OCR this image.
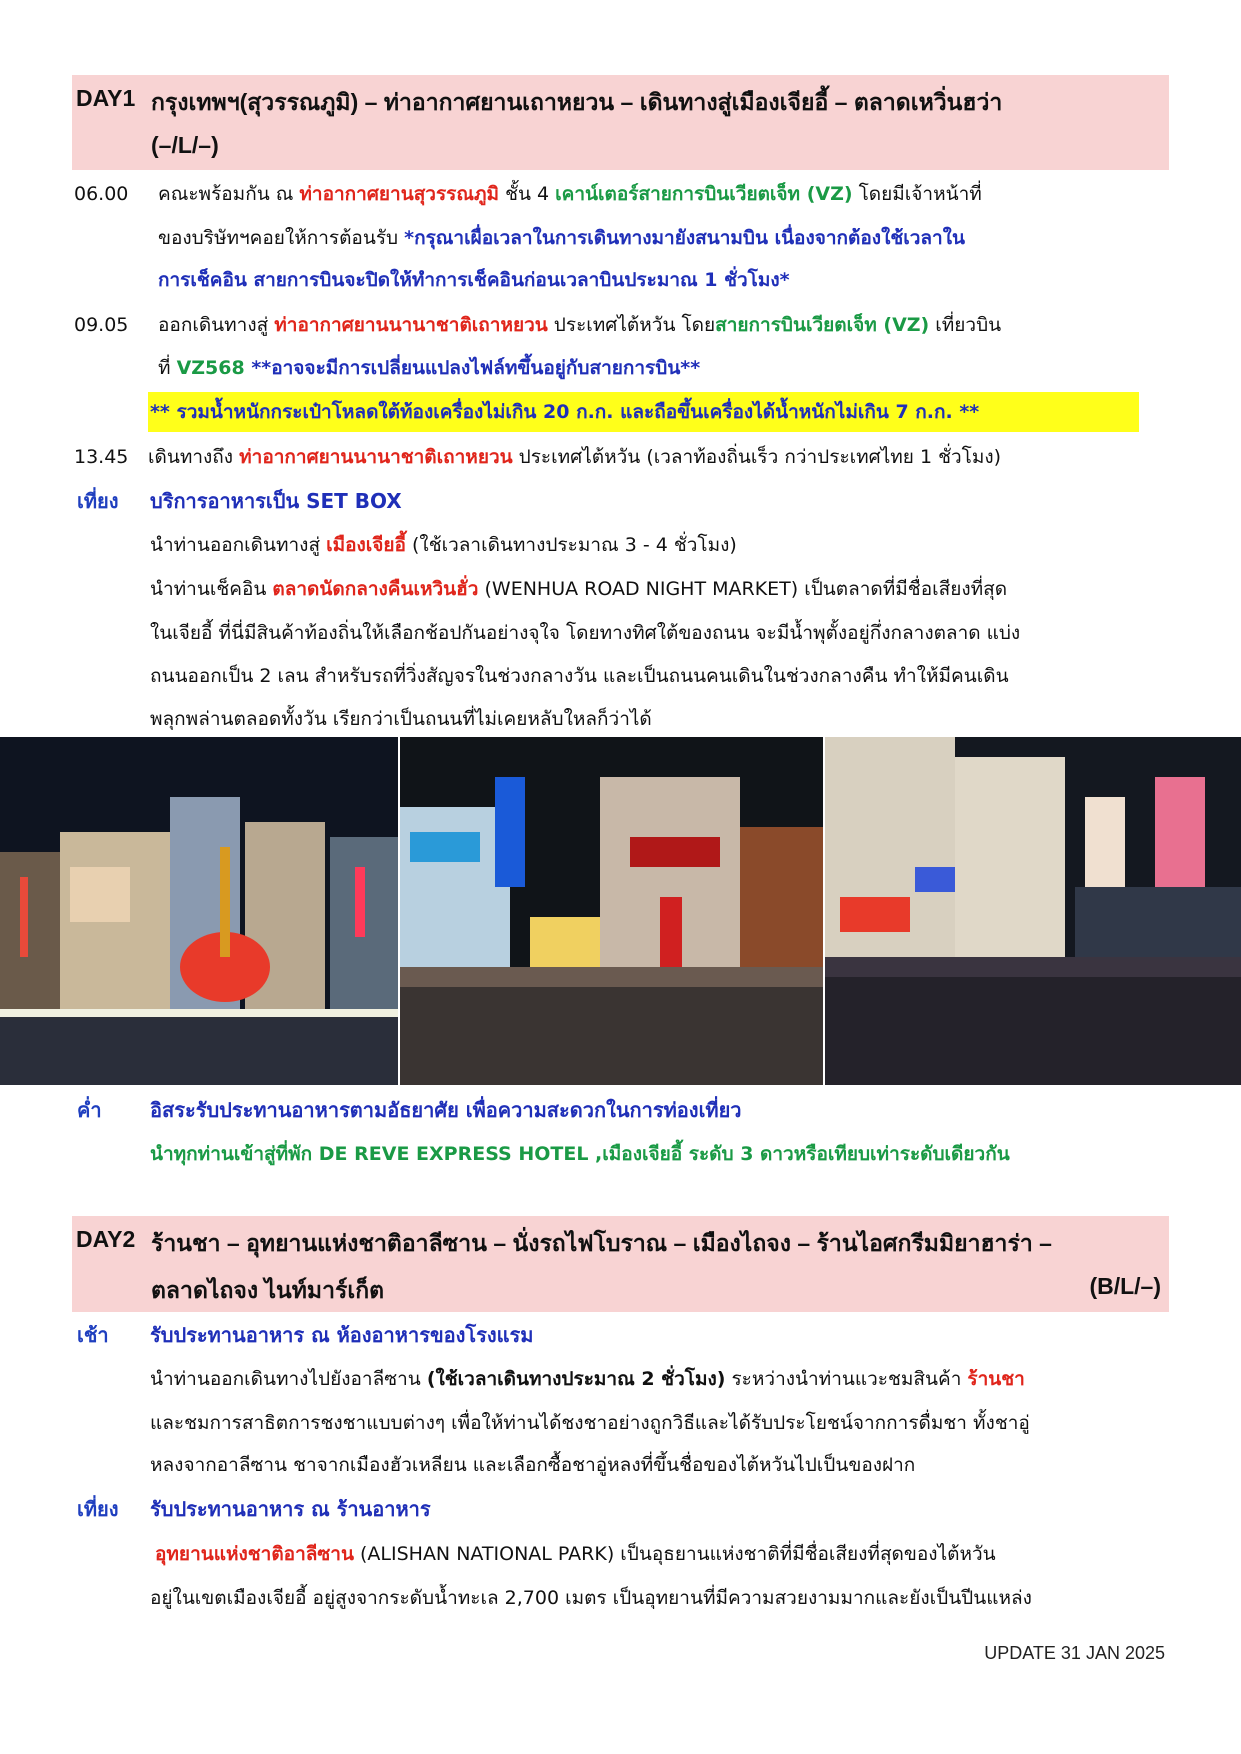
DAY1 กรุงเทพฯ(สุวรรณภูมิ) – ท่าอากาศยานเถาหยวน – เดินทางสู่เมืองเจียอี้ – ตลาดเหวิ่นฮว่า
(–/L/–)
06.00 คณะพร้อมกัน ณ ท่าอากาศยานสุวรรณภูมิ ชั้น 4 เคาน์เตอร์สายการบินเวียตเจ็ท (VZ) โดยมีเจ้าหน้าที่
ของบริษัทฯคอยให้การต้อนรับ *กรุณาเผื่อเวลาในการเดินทางมายังสนามบิน เนื่องจากต้องใช้เวลาใน
การเช็คอิน สายการบินจะปิดให้ทำการเช็คอินก่อนเวลาบินประมาณ 1 ชั่วโมง*
09.05 ออกเดินทางสู่ ท่าอากาศยานนานาชาติเถาหยวน ประเทศไต้หวัน โดยสายการบินเวียตเจ็ท (VZ) เที่ยวบิน
ที่ VZ568 **อาจจะมีการเปลี่ยนแปลงไฟล์ทขึ้นอยู่กับสายการบิน**
** รวมน้ำหนักกระเป๋าโหลดใต้ท้องเครื่องไม่เกิน 20 ก.ก. และถือขึ้นเครื่องได้น้ำหนักไม่เกิน 7 ก.ก. **
13.45 เดินทางถึง ท่าอากาศยานนานาชาติเถาหยวน ประเทศไต้หวัน (เวลาท้องถิ่นเร็ว กว่าประเทศไทย 1 ชั่วโมง)
เที่ยง บริการอาหารเป็น SET BOX
นำท่านออกเดินทางสู่ เมืองเจียอี้ (ใช้เวลาเดินทางประมาณ 3 - 4 ชั่วโมง)
นำท่านเช็คอิน ตลาดนัดกลางคืนเหวินฮั่ว (WENHUA ROAD NIGHT MARKET) เป็นตลาดที่มีชื่อเสียงที่สุด
ในเจียอี้ ที่นี่มีสินค้าท้องถิ่นให้เลือกช้อปกันอย่างจุใจ โดยทางทิศใต้ของถนน จะมีน้ำพุตั้งอยู่กึ่งกลางตลาด แบ่ง
ถนนออกเป็น 2 เลน สำหรับรถที่วิ่งสัญจรในช่วงกลางวัน และเป็นถนนคนเดินในช่วงกลางคืน ทำให้มีคนเดิน
พลุกพล่านตลอดทั้งวัน เรียกว่าเป็นถนนที่ไม่เคยหลับใหลก็ว่าได้
ค่ำ อิสระรับประทานอาหารตามอัธยาศัย เพื่อความสะดวกในการท่องเที่ยว
นำทุกท่านเข้าสู่ที่พัก DE REVE EXPRESS HOTEL ,เมืองเจียอี้ ระดับ 3 ดาวหรือเทียบเท่าระดับเดียวกัน
DAY2 ร้านชา – อุทยานแห่งชาติอาลีซาน – นั่งรถไฟโบราณ – เมืองไถจง – ร้านไอศกรีมมิยาฮาร่า –
ตลาดไถจง ไนท์มาร์เก็ต	(B/L/–)
เช้า รับประทานอาหาร ณ ห้องอาหารของโรงแรม
นำท่านออกเดินทางไปยังอาลีซาน (ใช้เวลาเดินทางประมาณ 2 ชั่วโมง) ระหว่างนำท่านแวะชมสินค้า ร้านชา
และชมการสาธิตการชงชาแบบต่างๆ เพื่อให้ท่านได้ชงชาอย่างถูกวิธีและได้รับประโยชน์จากการดื่มชา ทั้งชาอู่
หลงจากอาลีซาน ชาจากเมืองฮัวเหลียน และเลือกซื้อชาอู่หลงที่ขึ้นชื่อของไต้หวันไปเป็นของฝาก
เที่ยง รับประทานอาหาร ณ ร้านอาหาร
อุทยานแห่งชาติอาลีซาน (ALISHAN NATIONAL PARK) เป็นอุธยานแห่งชาติที่มีชื่อเสียงที่สุดของไต้หวัน
อยู่ในเขตเมืองเจียอี้ อยู่สูงจากระดับน้ำทะเล 2,700 เมตร เป็นอุทยานที่มีความสวยงามมากและยังเป็นปีนแหล่ง
UPDATE 31 JAN 2025
